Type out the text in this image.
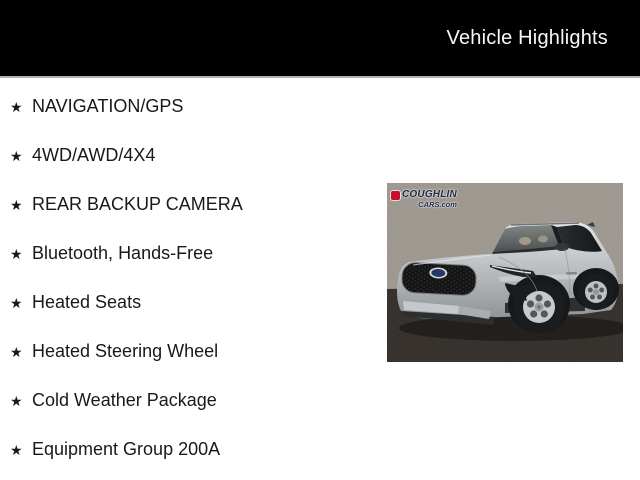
Vehicle Highlights
★ NAVIGATION/GPS
★ 4WD/AWD/4X4
★ REAR BACKUP CAMERA
★ Bluetooth, Hands-Free
★ Heated Seats
★ Heated Steering Wheel
★ Cold Weather Package
★ Equipment Group 200A
COUGHLIN
CARS.com
